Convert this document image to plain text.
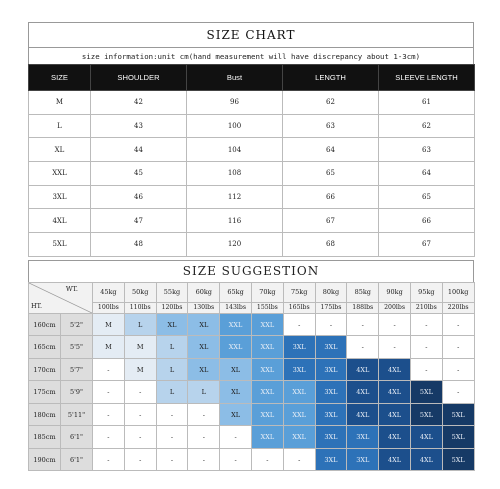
SIZE CHART
size information:unit cm(hand measurement will have discrepancy about 1-3cm)
SIZE	SHOULDER	Bust	LENGTH	SLEEVE LENGTH
M	42	96	62	61
L	43	100	63	62
XL	44	104	64	63
XXL	45	108	65	64
3XL	46	112	66	65
4XL	47	116	67	66
5XL	48	120	68	67
SIZE SUGGESTION
WT.
HT.		45kg	50kg	55kg	60kg	65kg	70kg	75kg	80kg	85kg	90kg	95kg	100kg
		100lbs	110lbs	120lbs	130lbs	143lbs	155lbs	165lbs	175lbs	188lbs	200lbs	210lbs	220lbs
160cm	5'2"	M	L	XL	XL	XXL	XXL	-	-	-	-	-	-
165cm	5'5"	M	M	L	XL	XXL	XXL	3XL	3XL	-	-	-	-
170cm	5'7"	-	M	L	XL	XL	XXL	3XL	3XL	4XL	4XL	-	-
175cm	5'9"	-	-	L	L	XL	XXL	XXL	3XL	4XL	4XL	5XL	-
180cm	5'11"	-	-	-	-	XL	XXL	XXL	3XL	4XL	4XL	5XL	5XL
185cm	6'1"	-	-	-	-	-	XXL	XXL	3XL	3XL	4XL	4XL	5XL
190cm	6'1"	-	-	-	-	-	-	-	3XL	3XL	4XL	4XL	5XL
